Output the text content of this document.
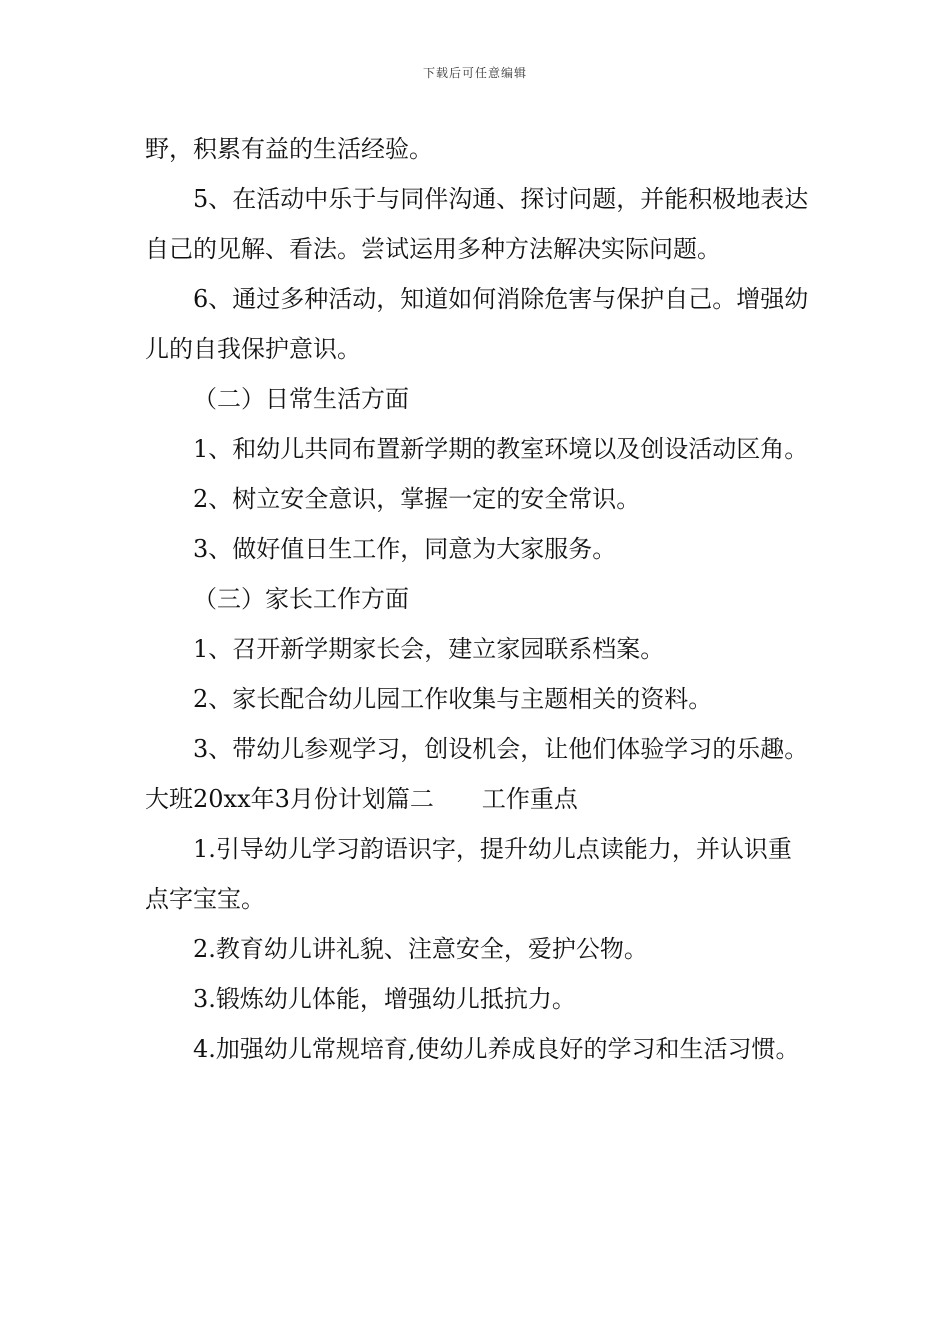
下载后可任意编辑

野，积累有益的生活经验。

5、在活动中乐于与同伴沟通、探讨问题，并能积极地表达自己的见解、看法。尝试运用多种方法解决实际问题。

6、通过多种活动，知道如何消除危害与保护自己。增强幼儿的自我保护意识。

（二）日常生活方面

1、和幼儿共同布置新学期的教室环境以及创设活动区角。

2、树立安全意识，掌握一定的安全常识。

3、做好值日生工作，同意为大家服务。

（三）家长工作方面

1、召开新学期家长会，建立家园联系档案。

2、家长配合幼儿园工作收集与主题相关的资料。

3、带幼儿参观学习，创设机会，让他们体验学习的乐趣。

大班20xx年3月份计划篇二　　工作重点

1.引导幼儿学习韵语识字，提升幼儿点读能力，并认识重点字宝宝。

2.教育幼儿讲礼貌、注意安全，爱护公物。

3.锻炼幼儿体能，增强幼儿抵抗力。

4.加强幼儿常规培育,使幼儿养成良好的学习和生活习惯。
